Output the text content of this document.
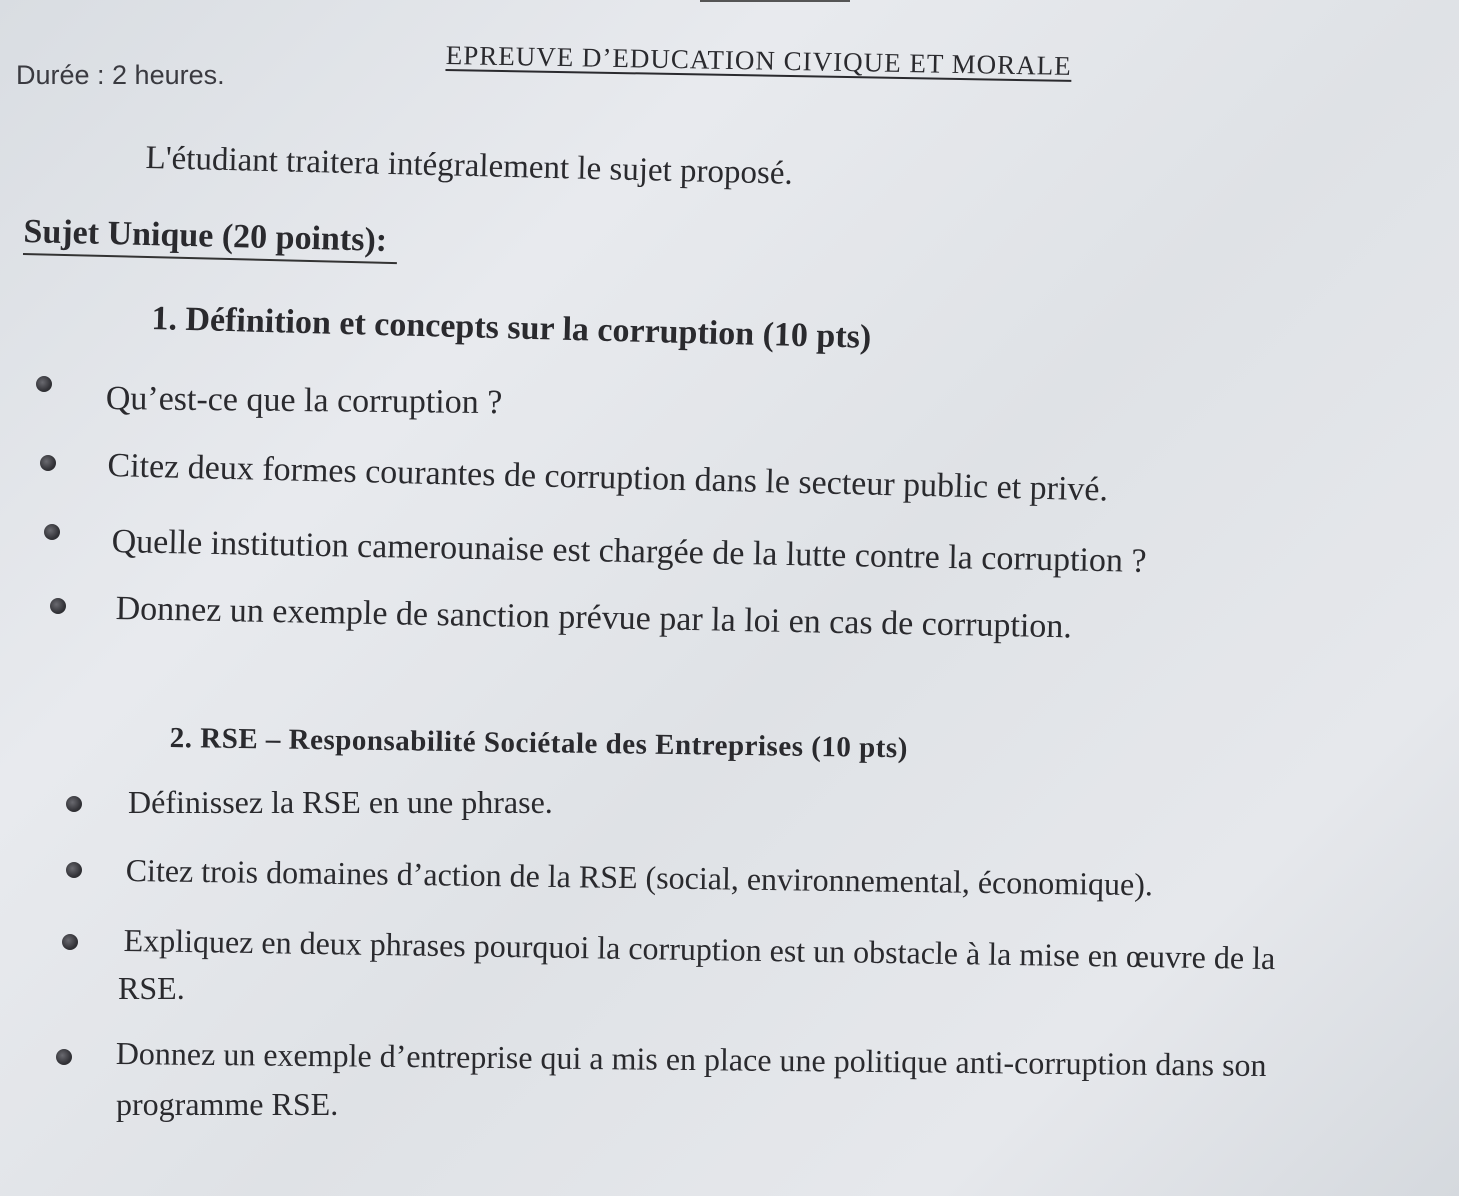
EPREUVE D’EDUCATION CIVIQUE ET MORALE
Durée : 2 heures.
L'étudiant traitera intégralement le sujet proposé.
Sujet Unique (20 points):
1. Définition et concepts sur la corruption (10 pts)
Qu’est-ce que la corruption ?
Citez deux formes courantes de corruption dans le secteur public et privé.
Quelle institution camerounaise est chargée de la lutte contre la corruption ?
Donnez un exemple de sanction prévue par la loi en cas de corruption.
2. RSE – Responsabilité Sociétale des Entreprises (10 pts)
Définissez la RSE en une phrase.
Citez trois domaines d’action de la RSE (social, environnemental, économique).
Expliquez en deux phrases pourquoi la corruption est un obstacle à la mise en œuvre de la
RSE.
Donnez un exemple d’entreprise qui a mis en place une politique anti-corruption dans son
programme RSE.
